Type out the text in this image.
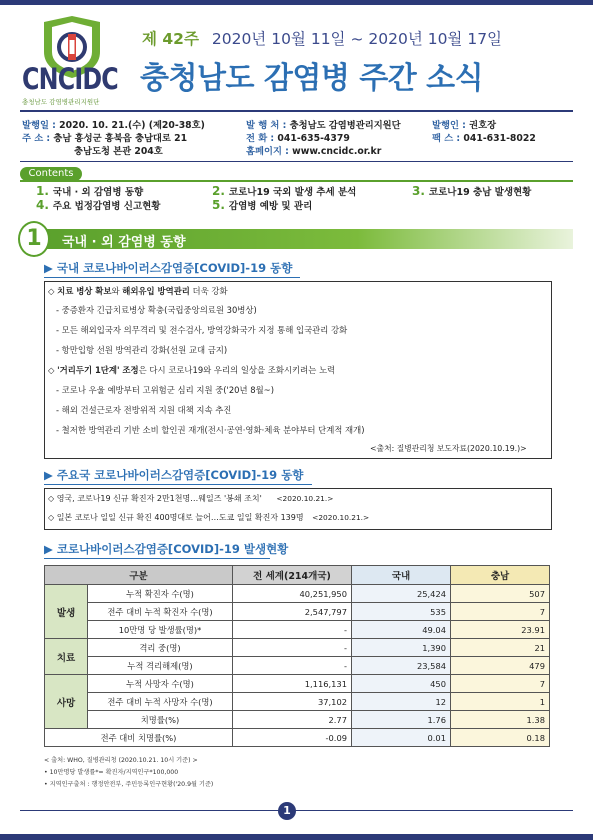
CNCIDC
충청남도 감염병관리지원단
제 42주 2020년 10월 11일 ~ 2020년 10월 17일
충청남도 감염병 주간 소식
발행일 : 2020. 10. 21.(수) (제20-38호)
주 소 : 충남 홍성군 홍북읍 충남대로 21
충남도청 본관 204호
발 행 처 : 충청남도 감염병관리지원단
전 화 : 041-635-4379
홈페이지 : www.cncidc.or.kr
발행인 : 권호장
팩 스 : 041-631-8022
Contents
1. 국내 · 외 감염병 동향	2. 코로나19 국외 발생 추세 분석	3. 코로나19 충남 발생현황
4. 주요 법정감염병 신고현황	5. 감염병 예방 및 관리
1	국내 · 외 감염병 동향
▶ 국내 코로나바이러스감염증[COVID]-19 동향
◇ 치료 병상 확보와 해외유입 방역관리 더욱 강화
- 중증환자 긴급치료병상 확충(국립중앙의료원 30병상)
- 모든 해외입국자 의무격리 및 전수검사, 방역강화국가 지정 통해 입국관리 강화
- 항만입항 선원 방역관리 강화(선원 교대 금지)
◇ '거리두기 1단계' 조정은 다시 코로나19와 우리의 일상을 조화시키려는 노력
- 코로나 우울 예방부터 고위험군 심리 지원 중('20년 8월~)
- 해외 건설근로자 전방위적 지원 대책 지속 추진
- 철저한 방역관리 기반 소비 할인권 재개(전시·공연·영화·체육 분야부터 단계적 재개)
<출처: 질병관리청 보도자료(2020.10.19.)>
▶ 주요국 코로나바이러스감염증[COVID]-19 동향
◇ 영국, 코로나19 신규 확진자 2만1천명…웨일즈 '봉쇄 조치' <2020.10.21.>
◇ 일본 코로나 일일 신규 확진 400명대로 늘어…도쿄 일일 확진자 139명 <2020.10.21.>
▶ 코로나바이러스감염증[COVID]-19 발생현황
구분		전 세계(214개국)	국내	충남
발생	누적 확진자 수(명)	40,251,950	25,424	507
	전주 대비 누적 확진자 수(명)	2,547,797	535	7
	10만명 당 발생률(명)*	-	49.04	23.91
치료	격리 중(명)	-	1,390	21
	누적 격리해제(명)	-	23,584	479
사망	누적 사망자 수(명)	1,116,131	450	7
	전주 대비 누적 사망자 수(명)	37,102	12	1
	치명률(%)	2.77	1.76	1.38
전주 대비 치명률(%)		-0.09	0.01	0.18
< 출처: WHO, 질병관리청 (2020.10.21. 10시 기준) >
• 10만명당 발생률*= 확진자/지역인구*100,000
• 지역인구출처 : 행정안전부, 주민등록인구현황('20.9월 기준)
1
